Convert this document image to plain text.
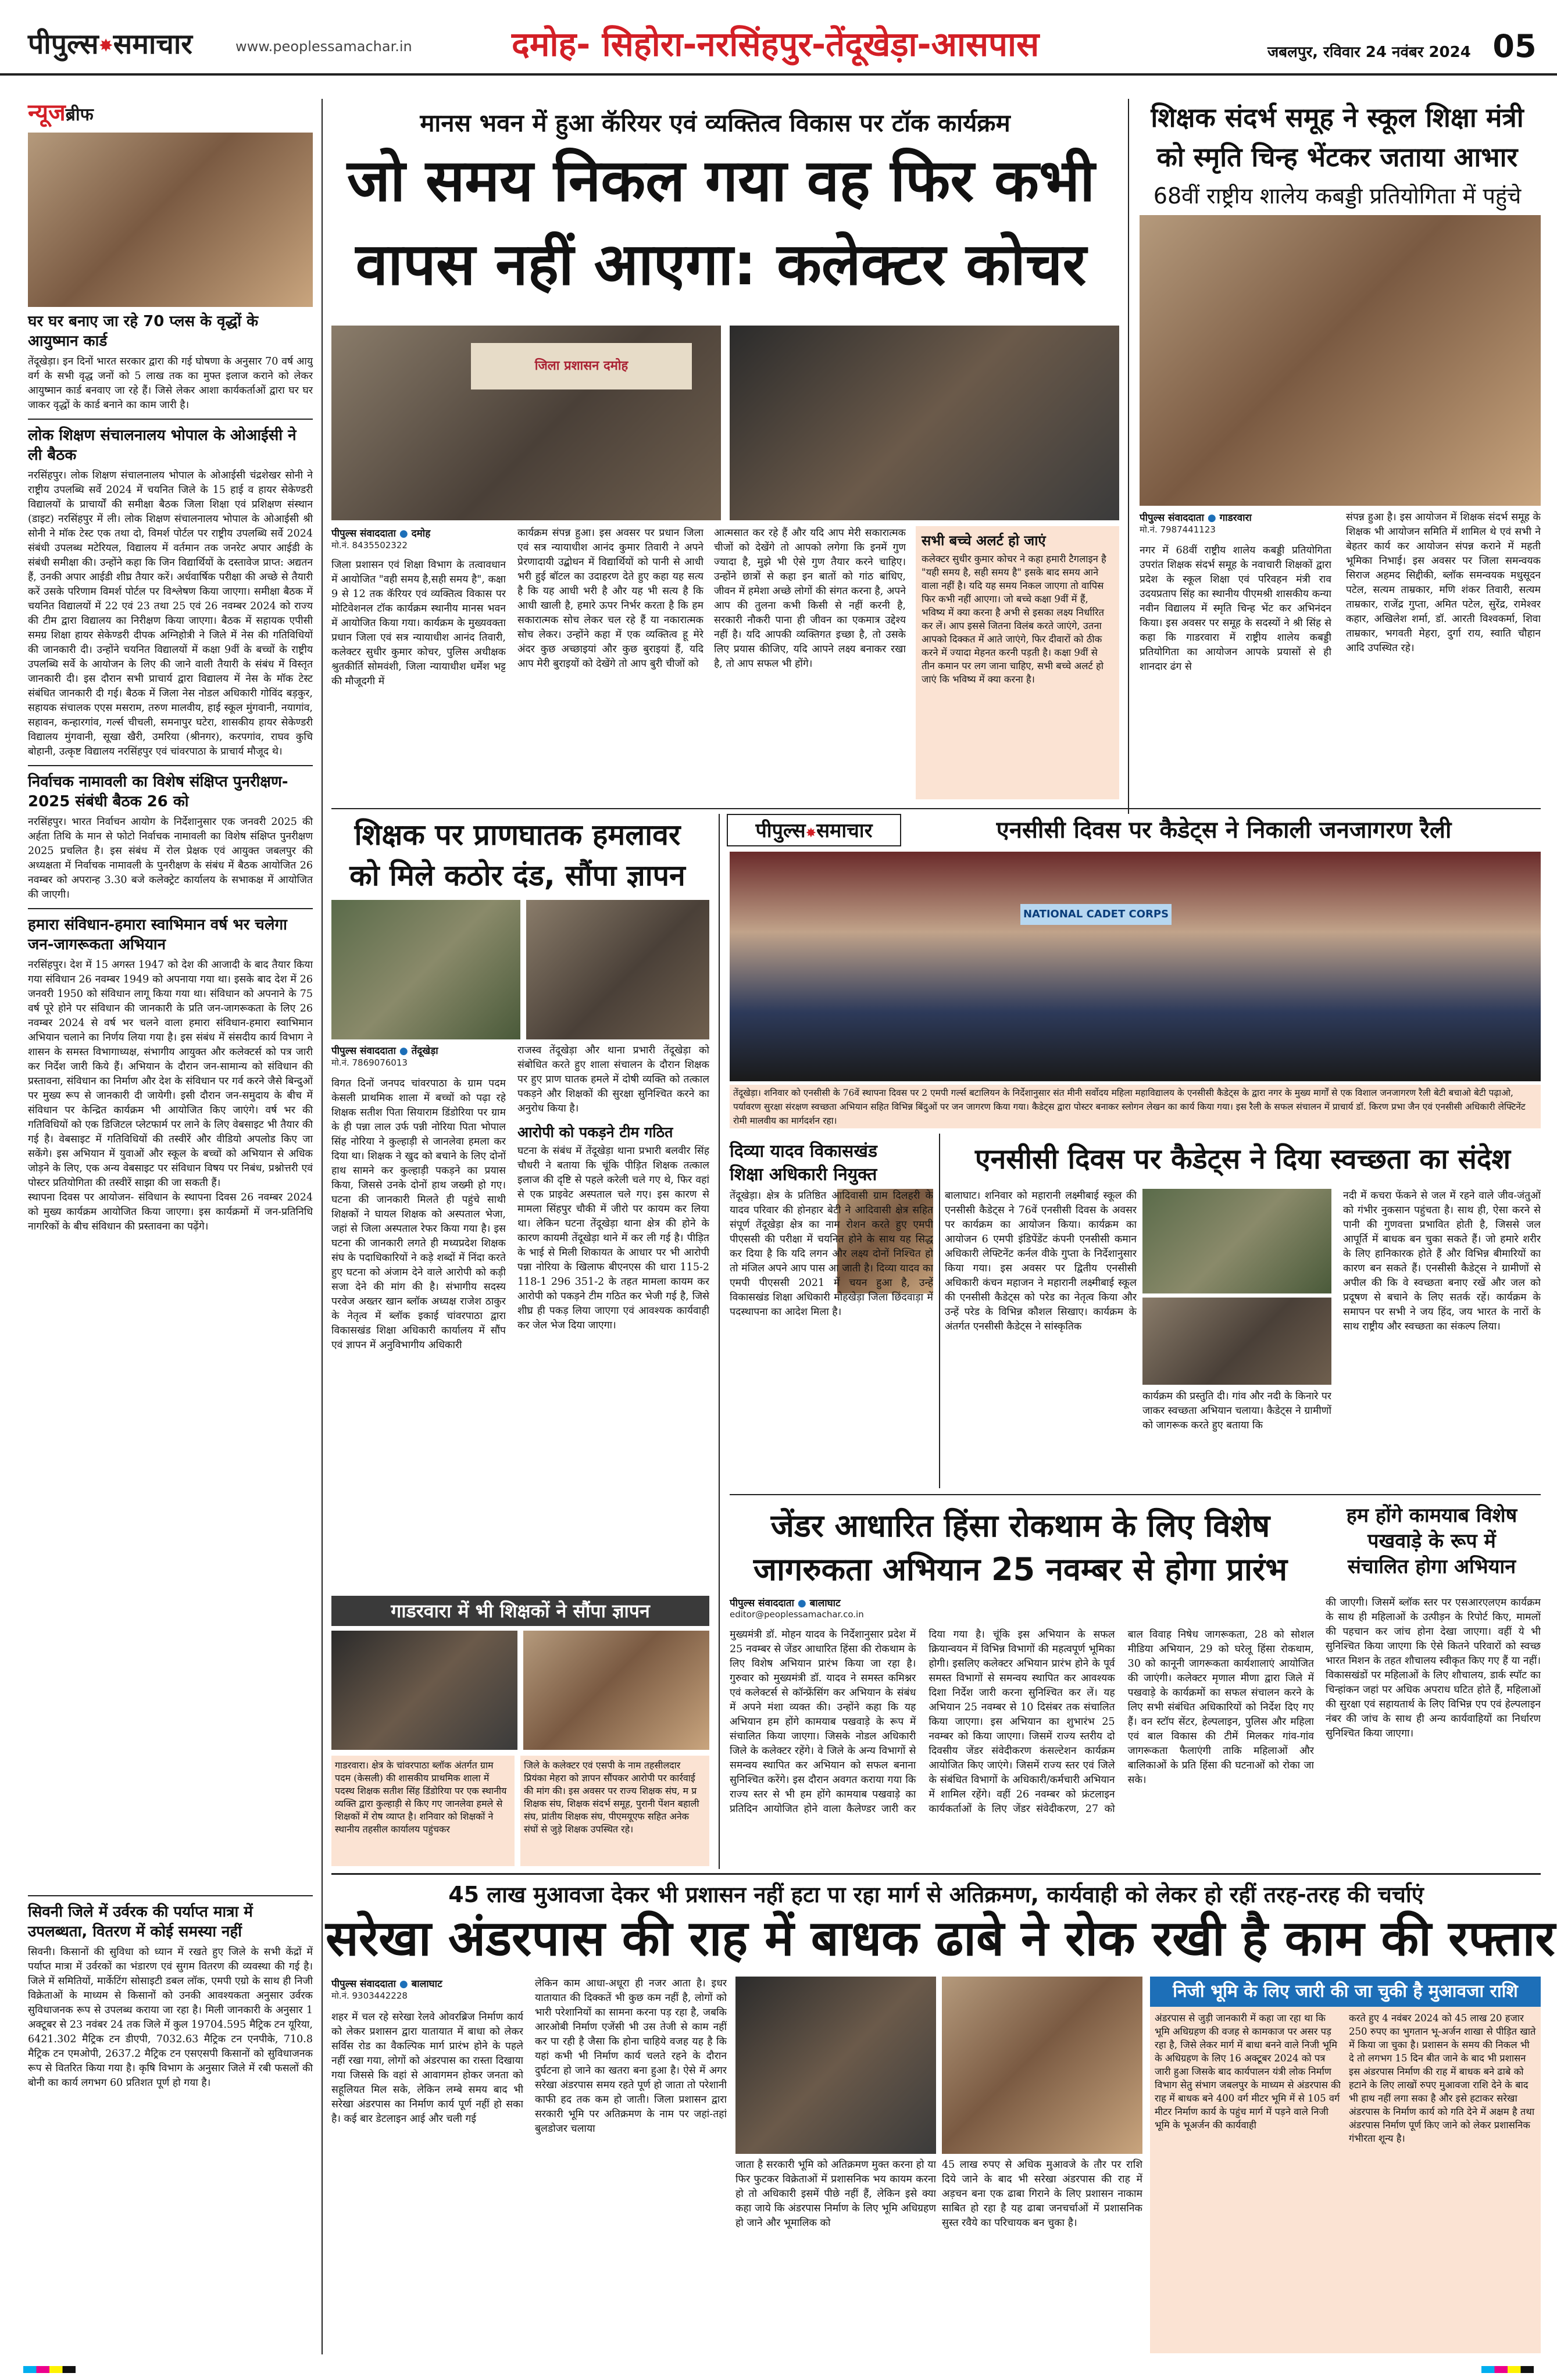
पीपुल्स✸समाचार	www.peoplessamachar.in	दमोह- सिहोरा-नरसिंहपुर-तेंदूखेड़ा-आसपास	जबलपुर, रविवार 24 नवंबर 2024 05
न्यूजब्रीफ
घर घर बनाए जा रहे 70 प्लस के वृद्धों के आयुष्मान कार्ड
तेंदूखेड़ा। इन दिनों भारत सरकार द्वारा की गई घोषणा के अनुसार 70 वर्ष आयु वर्ग के सभी वृद्ध जनों को 5 लाख तक का मुफ्त इलाज कराने को लेकर आयुष्मान कार्ड बनवाए जा रहे हैं। जिसे लेकर आशा कार्यकर्ताओं द्वारा घर घर जाकर वृद्धों के कार्ड बनाने का काम जारी है।
लोक शिक्षण संचालनालय भोपाल के ओआईसी ने ली बैठक
नरसिंहपुर। लोक शिक्षण संचालनालय भोपाल के ओआईसी चंद्रशेखर सोनी ने राष्ट्रीय उपलब्धि सर्वे 2024 में चयनित जिले के 15 हाई व हायर सेकेण्डरी विद्यालयों के प्राचार्यों की समीक्षा बैठक जिला शिक्षा एवं प्रशिक्षण संस्थान (डाइट) नरसिंहपुर में ली। लोक शिक्षण संचालनालय भोपाल के ओआईसी श्री सोनी ने मॉक टेस्ट एक तथा दो, विमर्श पोर्टल पर राष्ट्रीय उपलब्धि सर्वे 2024 संबंधी उपलब्ध मटेरियल, विद्यालय में वर्तमान तक जनरेट अपार आईडी के संबंधी समीक्षा की। उन्होंने कहा कि जिन विद्यार्थियों के दस्तावेज प्राप्त: अद्यतन हैं, उनकी अपार आईडी शीघ्र तैयार करें। अर्धवार्षिक परीक्षा की अच्छे से तैयारी करें उसके परिणाम विमर्श पोर्टल पर विश्लेषण किया जाएगा। समीक्षा बैठक में चयनित विद्यालयों में 22 एवं 23 तथा 25 एवं 26 नवम्बर 2024 को राज्य की टीम द्वारा विद्यालय का निरीक्षण किया जाएगा। बैठक में सहायक एपीसी समग्र शिक्षा हायर सेकेण्डरी दीपक अग्निहोत्री ने जिले में नेस की गतिविधियों की जानकारी दी। उन्होंने चयनित विद्यालयों में कक्षा 9वीं के बच्चों के राष्ट्रीय उपलब्धि सर्वे के आयोजन के लिए की जाने वाली तैयारी के संबंध में विस्तृत जानकारी दी। इस दौरान सभी प्राचार्य द्वारा विद्यालय में नेस के मॉक टेस्ट संबंधित जानकारी दी गई। बैठक में जिला नेस नोडल अधिकारी गोविंद बड़कुर, सहायक संचालक एएस मसराम, तरुण मालवीय, हाई स्कूल मुंगवानी, नयागांव, सहावन, कन्हारगांव, गर्ल्स चीचली, समनापुर घटेरा, शासकीय हायर सेकेण्डरी विद्यालय मुंगवानी, सूखा खैरी, उमरिया (श्रीनगर), करपगांव, राघव कुचि बोहानी, उत्कृष्ट विद्यालय नरसिंहपुर एवं चांवरपाठा के प्राचार्य मौजूद थे।
निर्वाचक नामावली का विशेष संक्षिप्त पुनरीक्षण- 2025 संबंधी बैठक 26 को
नरसिंहपुर। भारत निर्वाचन आयोग के निर्देशानुसार एक जनवरी 2025 की अर्हता तिथि के मान से फोटो निर्वाचक नामावली का विशेष संक्षिप्त पुनरीक्षण 2025 प्रचलित है। इस संबंध में रोल प्रेक्षक एवं आयुक्त जबलपुर की अध्यक्षता में निर्वाचक नामावली के पुनरीक्षण के संबंध में बैठक आयोजित 26 नवम्बर को अपरान्ह 3.30 बजे कलेक्ट्रेट कार्यालय के सभाकक्ष में आयोजित की जाएगी।
हमारा संविधान-हमारा स्वाभिमान वर्ष भर चलेगा जन-जागरूकता अभियान
नरसिंहपुर। देश में 15 अगस्त 1947 को देश की आजादी के बाद तैयार किया गया संविधान 26 नवम्बर 1949 को अपनाया गया था। इसके बाद देश में 26 जनवरी 1950 को संविधान लागू किया गया था। संविधान को अपनाने के 75 वर्ष पूरे होने पर संविधान की जानकारी के प्रति जन-जागरूकता के लिए 26 नवम्बर 2024 से वर्ष भर चलने वाला हमारा संविधान-हमारा स्वाभिमान अभियान चलाने का निर्णय लिया गया है। इस संबंध में संसदीय कार्य विभाग ने शासन के समस्त विभागाध्यक्ष, संभागीय आयुक्त और कलेक्टर्स को पत्र जारी कर निर्देश जारी किये हैं। अभियान के दौरान जन-सामान्य को संविधान की प्रस्तावना, संविधान का निर्माण और देश के संविधान पर गर्व करने जैसे बिन्दुओं पर मुख्य रूप से जानकारी दी जायेगी। इसी दौरान जन-समुदाय के बीच में संविधान पर केन्द्रित कार्यक्रम भी आयोजित किए जाएंगे। वर्ष भर की गतिविधियों को एक डिजिटल प्लेटफार्म पर लाने के लिए वेबसाइट भी तैयार की गई है। वेबसाइट में गतिविधियों की तस्वीरें और वीडियो अपलोड किए जा सकेंगे। इस अभियान में युवाओं और स्कूल के बच्चों को अभियान से अधिक जोड़ने के लिए, एक अन्य वेबसाइट पर संविधान विषय पर निबंध, प्रश्नोत्तरी एवं पोस्टर प्रतियोगिता की तस्वीरें साझा की जा सकती हैं।
स्थापना दिवस पर आयोजन- संविधान के स्थापना दिवस 26 नवम्बर 2024 को मुख्य कार्यक्रम आयोजित किया जाएगा। इस कार्यक्रमों में जन-प्रतिनिधि नागरिकों के बीच संविधान की प्रस्तावना का पढ़ेंगे।
सिवनी जिले में उर्वरक की पर्याप्त मात्रा में उपलब्धता, वितरण में कोई समस्या नहीं
सिवनी। किसानों की सुविधा को ध्यान में रखते हुए जिले के सभी केंद्रों में पर्याप्त मात्रा में उर्वरकों का भंडारण एवं सुगम वितरण की व्यवस्था की गई है। जिले में समितियों, मार्केटिंग सोसाइटी डबल लॉक, एमपी एग्रो के साथ ही निजी विक्रेताओं के माध्यम से किसानों को उनकी आवश्यकता अनुसार उर्वरक सुविधाजनक रूप से उपलब्ध कराया जा रहा है। मिली जानकारी के अनुसार 1 अक्टूबर से 23 नवंबर 24 तक जिले में कुल 19704.595 मैट्रिक टन यूरिया, 6421.302 मैट्रिक टन डीएपी, 7032.63 मैट्रिक टन एनपीके, 710.8 मैट्रिक टन एमओपी, 2637.2 मैट्रिक टन एसएसपी किसानों को सुविधाजनक रूप से वितरित किया गया है। कृषि विभाग के अनुसार जिले में रबी फसलों की बोनी का कार्य लगभग 60 प्रतिशत पूर्ण हो गया है।
मानस भवन में हुआ कॅरियर एवं व्यक्तित्व विकास पर टॉक कार्यक्रम
जो समय निकल गया वह फिर कभी
वापस नहीं आएगा: कलेक्टर कोचर
जिला प्रशासन दमोह
पीपुल्स संवाददाता ● दमोह
मो.नं. 8435502322
जिला प्रशासन एवं शिक्षा विभाग के तत्वावधान में आयोजित "वही समय है,सही समय है", कक्षा 9 से 12 तक कॅरियर एवं व्यक्तित्व विकास पर मोटिवेशनल टॉक कार्यक्रम स्थानीय मानस भवन में आयोजित किया गया। कार्यक्रम के मुख्यवक्ता प्रधान जिला एवं सत्र न्यायाधीश आनंद तिवारी, कलेक्टर सुधीर कुमार कोचर, पुलिस अधीक्षक श्रुतकीर्ति सोमवंशी, जिला न्यायाधीश धर्मेश भट्ट की मौजूदगी में
कार्यक्रम संपन्न हुआ। इस अवसर पर प्रधान जिला एवं सत्र न्यायाधीश आनंद कुमार तिवारी ने अपने प्रेरणादायी उद्बोधन में विद्यार्थियों को पानी से आधी भरी हुई बॉटल का उदाहरण देते हुए कहा यह सत्य है कि यह आधी भरी है और यह भी सत्य है कि आधी खाली है, हमारे ऊपर निर्भर करता है कि हम सकारात्मक सोच लेकर चल रहे हैं या नकारात्मक सोच लेकर। उन्होंने कहा में एक व्यक्तित्व हू मेरे अंदर कुछ अच्छाइयां और कुछ बुराइयां हैं, यदि आप मेरी बुराइयों को देखेंगे तो आप बुरी चीजों को
आत्मसात कर रहे हैं और यदि आप मेरी सकारात्मक चीजों को देखेंगे तो आपको लगेगा कि इनमें गुण ज्यादा है, मुझे भी ऐसे गुण तैयार करने चाहिए। उन्होंने छात्रों से कहा इन बातों को गांठ बांधिए, जीवन में हमेशा अच्छे लोगों की संगत करना है, अपने आप की तुलना कभी किसी से नहीं करनी है, सरकारी नौकरी पाना ही जीवन का एकमात्र उद्देश्य नहीं है। यदि आपकी व्यक्तिगत इच्छा है, तो उसके लिए प्रयास कीजिए, यदि आपने लक्ष्य बनाकर रखा है, तो आप सफल भी होंगे।
सभी बच्चे अलर्ट हो जाएं
कलेक्टर सुधीर कुमार कोचर ने कहा हमारी टैगलाइन है "यही समय है, सही समय है" इसके बाद समय आने वाला नहीं है। यदि यह समय निकल जाएगा तो वापिस फिर कभी नहीं आएगा। जो बच्चे कक्षा 9वीं में हैं, भविष्य में क्या करना है अभी से इसका लक्ष्य निर्धारित कर लें। आप इससे जितना विलंब करते जाएंगे, उतना आपको दिक्कत में आते जाएंगे, फिर दीवारों को ठीक करने में ज्यादा मेहनत करनी पड़ती है। कक्षा 9वीं से तीन कमान पर लग जाना चाहिए, सभी बच्चे अलर्ट हो जाएं कि भविष्य में क्या करना है।
शिक्षक संदर्भ समूह ने स्कूल शिक्षा मंत्री
को स्मृति चिन्ह भेंटकर जताया आभार
68वीं राष्ट्रीय शालेय कबड्डी प्रतियोगिता में पहुंचे
पीपुल्स संवाददाता ● गाडरवारा
मो.नं. 7987441123
नगर में 68वीं राष्ट्रीय शालेय कबड्डी प्रतियोगिता उपरांत शिक्षक संदर्भ समूह के नवाचारी शिक्षकों द्वारा प्रदेश के स्कूल शिक्षा एवं परिवहन मंत्री राव उदयप्रताप सिंह का स्थानीय पीएमश्री शासकीय कन्या नवीन विद्यालय में स्मृति चिन्ह भेंट कर अभिनंदन किया। इस अवसर पर समूह के सदस्यों ने श्री सिंह से कहा कि गाडरवारा में राष्ट्रीय शालेय कबड्डी प्रतियोगिता का आयोजन आपके प्रयासों से ही शानदार ढंग से
संपन्न हुआ है। इस आयोजन में शिक्षक संदर्भ समूह के शिक्षक भी आयोजन समिति में शामिल थे एवं सभी ने बेहतर कार्य कर आयोजन संपन्न कराने में महती भूमिका निभाई। इस अवसर पर जिला समन्वयक सिराज अहमद सिद्दीकी, ब्लॉक समन्वयक मधुसूदन पटेल, सत्यम ताम्रकार, मणि शंकर तिवारी, सत्यम ताम्रकार, राजेंद्र गुप्ता, अमित पटेल, सुरेंद्र, रामेश्वर कहार, अखिलेश शर्मा, डॉ. आरती विश्वकर्मा, शिवा ताम्रकार, भगवती मेहरा, दुर्गा राय, स्वाति चौहान आदि उपस्थित रहे।
शिक्षक पर प्राणघातक हमलावर
को मिले कठोर दंड, सौंपा ज्ञापन
पीपुल्स संवाददाता ● तेंदूखेड़ा
मो.नं. 7869076013
विगत दिनों जनपद चांवरपाठा के ग्राम पदम केसली प्राथमिक शाला में बच्चों को पढ़ा रहे शिक्षक सतीश पिता सियाराम डिंडोरिया पर ग्राम के ही पन्ना लाल उर्फ पन्नी नोरिया पिता भोपाल सिंह नोरिया ने कुल्हाड़ी से जानलेवा हमला कर दिया था। शिक्षक ने खुद को बचाने के लिए दोनों हाथ सामने कर कुल्हाड़ी पकड़ने का प्रयास किया, जिससे उनके दोनों हाथ जख्मी हो गए। घटना की जानकारी मिलते ही पहुंचे साथी शिक्षकों ने घायल शिक्षक को अस्पताल भेजा, जहां से जिला अस्पताल रेफर किया गया है। इस घटना की जानकारी लगते ही मध्यप्रदेश शिक्षक संघ के पदाधिकारियों ने कड़े शब्दों में निंदा करते हुए घटना को अंजाम देने वाले आरोपी को कड़ी सजा देने की मांग की है। संभागीय सदस्य परवेज अख्तर खान ब्लॉक अध्यक्ष राजेश ठाकुर के नेतृत्व में ब्लॉक इकाई चांवरपाठा द्वारा विकासखंड शिक्षा अधिकारी कार्यालय में सौंप एवं ज्ञापन में अनुविभागीय अधिकारी
राजस्व तेंदूखेड़ा और थाना प्रभारी तेंदूखेड़ा को संबोधित करते हुए शाला संचालन के दौरान शिक्षक पर हुए प्राण घातक हमले में दोषी व्यक्ति को तत्काल पकड़ने और शिक्षकों की सुरक्षा सुनिश्चित करने का अनुरोध किया है।
आरोपी को पकड़ने टीम गठित
घटना के संबंध में तेंदूखेड़ा थाना प्रभारी बलवीर सिंह चौधरी ने बताया कि चूंकि पीड़ित शिक्षक तत्काल इलाज की दृष्टि से पहले करेली चले गए थे, फिर वहां से एक प्राइवेट अस्पताल चले गए। इस कारण से मामला सिंहपुर चौकी में जीरो पर कायम कर लिया था। लेकिन घटना तेंदूखेड़ा थाना क्षेत्र की होने के कारण कायमी तेंदूखेड़ा थाने में कर ली गई है। पीड़ित के भाई से मिली शिकायत के आधार पर भी आरोपी पन्ना नोरिया के खिलाफ बीएनएस की धारा 115-2 118-1 296 351-2 के तहत मामला कायम कर आरोपी को पकड़ने टीम गठित कर भेजी गई है, जिसे शीघ्र ही पकड़ लिया जाएगा एवं आवश्यक कार्यवाही कर जेल भेज दिया जाएगा।
गाडरवारा में भी शिक्षकों ने सौंपा ज्ञापन
गाडरवारा। क्षेत्र के चांवरपाठा ब्लॉक अंतर्गत ग्राम पदम (केसली) की शासकीय प्राथमिक शाला में पदस्थ शिक्षक सतीश सिंह डिंडोरिया पर एक स्थानीय व्यक्ति द्वारा कुल्हाड़ी से किए गए जानलेवा हमले से शिक्षकों में रोष व्याप्त है। शनिवार को शिक्षकों ने स्थानीय तहसील कार्यालय पहुंचकर
जिले के कलेक्टर एवं एसपी के नाम तहसीलदार प्रियंका मेहरा को ज्ञापन सौंपकर आरोपी पर कार्रवाई की मांग की। इस अवसर पर राज्य शिक्षक संघ, म प्र शिक्षक संघ, शिक्षक संदर्भ समूह, पुरानी पेंशन बहाली संघ, प्रांतीय शिक्षक संघ, पीएमयूएफ सहित अनेक संघों से जुड़े शिक्षक उपस्थित रहे।
पीपुल्स✸समाचार	एनसीसी दिवस पर कैडेट्स ने निकाली जनजागरण रैली
NATIONAL CADET CORPS
तेंदूखेड़ा। शनिवार को एनसीसी के 76वें स्थापना दिवस पर 2 एमपी गर्ल्स बटालियन के निर्देशानुसार संत मीनी सर्वोदय महिला महाविद्यालय के एनसीसी कैडेट्स के द्वारा नगर के मुख्य मार्गों से एक विशाल जनजागरण रैली बेटी बचाओ बेटी पढ़ाओ, पर्यावरण सुरक्षा संरक्षण स्वच्छता अभियान सहित विभिन्न बिंदुओं पर जन जागरण किया गया। कैडेट्स द्वारा पोस्टर बनाकर स्लोगन लेखन का कार्य किया गया। इस रैली के सफल संचालन में प्राचार्य डॉ. किरण प्रभा जैन एवं एनसीसी अधिकारी लेफ्टिनेंट रोमी मालवीय का मार्गदर्शन रहा।
दिव्या यादव विकासखंड
शिक्षा अधिकारी नियुक्त
तेंदूखेड़ा। क्षेत्र के प्रतिष्ठित आदिवासी ग्राम दिलहरी के यादव परिवार की होनहार बेटी ने आदिवासी क्षेत्र सहित संपूर्ण तेंदूखेड़ा क्षेत्र का नाम रोशन करते हुए एमपी पीएससी की परीक्षा में चयनित होने के साथ यह सिद्ध कर दिया है कि यदि लगन और लक्ष्य दोनों निश्चित हो तो मंजिल अपने आप पास आ जाती है। दिव्या यादव का एमपी पीएससी 2021 में चयन हुआ है, उन्हें विकासखंड शिक्षा अधिकारी मोहखेड़ा जिला छिंदवाड़ा में पदस्थापना का आदेश मिला है।
एनसीसी दिवस पर कैडेट्स ने दिया स्वच्छता का संदेश
बालाघाट। शनिवार को महारानी लक्ष्मीबाई स्कूल की एनसीसी कैडेट्स ने 76वें एनसीसी दिवस के अवसर पर कार्यक्रम का आयोजन किया। कार्यक्रम का आयोजन 6 एमपी इंडिपेंडेंट कंपनी एनसीसी कमान अधिकारी लेफ्टिनेंट कर्नल वीके गुप्ता के निर्देशानुसार किया गया। इस अवसर पर द्वितीय एनसीसी अधिकारी कंचन महाजन ने महारानी लक्ष्मीबाई स्कूल की एनसीसी कैडेट्स को परेड का नेतृत्व किया और उन्हें परेड के विभिन्न कौशल सिखाए। कार्यक्रम के अंतर्गत एनसीसी कैडेट्स ने सांस्कृतिक
कार्यक्रम की प्रस्तुति दी। गांव और नदी के किनारे पर जाकर स्वच्छता अभियान चलाया। कैडेट्स ने ग्रामीणों को जागरूक करते हुए बताया कि
नदी में कचरा फेंकने से जल में रहने वाले जीव-जंतुओं को गंभीर नुकसान पहुंचता है। साथ ही, ऐसा करने से पानी की गुणवत्ता प्रभावित होती है, जिससे जल आपूर्ति में बाधक बन चुका सकते हैं। जो हमारे शरीर के लिए हानिकारक होते हैं और विभिन्न बीमारियों का कारण बन सकते हैं। एनसीसी कैडेट्स ने ग्रामीणों से अपील की कि वे स्वच्छता बनाए रखें और जल को प्रदूषण से बचाने के लिए सतर्क रहें। कार्यक्रम के समापन पर सभी ने जय हिंद, जय भारत के नारों के साथ राष्ट्रीय और स्वच्छता का संकल्प लिया।
जेंडर आधारित हिंसा रोकथाम के लिए विशेष
जागरुकता अभियान 25 नवम्बर से होगा प्रारंभ
हम होंगे कामयाब विशेष
पखवाड़े के रूप में
संचालित होगा अभियान
पीपुल्स संवाददाता ● बालाघाट
editor@peoplessamachar.co.in
मुख्यमंत्री डॉ. मोहन यादव के निर्देशानुसार प्रदेश में 25 नवम्बर से जेंडर आधारित हिंसा की रोकथाम के लिए विशेष अभियान प्रारंभ किया जा रहा है। गुरुवार को मुख्यमंत्री डॉ. यादव ने समस्त कमिश्नर एवं कलेक्टर्स से कॉन्फ्रेंसिंग कर अभियान के संबंध में अपने मंशा व्यक्त की। उन्होंने कहा कि यह अभियान हम होंगे कामयाब पखवाड़े के रूप में संचालित किया जाएगा। जिसके नोडल अधिकारी जिले के कलेक्टर रहेंगे। वे जिले के अन्य विभागों से समन्वय स्थापित कर अभियान को सफल बनाना सुनिश्चित करेंगे। इस दौरान अवगत कराया गया कि राज्य स्तर से भी हम होंगे कामयाब पखवाड़े का प्रतिदिन आयोजित होने वाला कैलेण्डर जारी कर दिया गया है। चूंकि इस अभियान के सफल क्रियान्वयन में विभिन्न विभागों की महत्वपूर्ण भूमिका होगी। इसलिए कलेक्टर अभियान प्रारंभ होने के पूर्व समस्त विभागों से समन्वय स्थापित कर आवश्यक दिशा निर्देश जारी करना सुनिश्चित कर लें। यह अभियान 25 नवम्बर से 10 दिसंबर तक संचालित किया जाएगा। इस अभियान का शुभारंभ 25 नवम्बर को किया जाएगा। जिसमें राज्य स्तरीय दो दिवसीय जेंडर संवेदीकरण कंसल्टेशन कार्यक्रम आयोजित किए जाएंगे। जिसमें राज्य स्तर एवं जिले के संबंधित विभागों के अधिकारी/कर्मचारी अभियान में शामिल रहेंगे। वहीं 26 नवम्बर को फ्रंटलाइन कार्यकर्ताओं के लिए जेंडर संवेदीकरण, 27 को बाल विवाह निषेध जागरूकता, 28 को सोशल मीडिया अभियान, 29 को घरेलू हिंसा रोकथाम, 30 को कानूनी जागरूकता कार्यशालाएं आयोजित की जाएंगी। कलेक्टर मृणाल मीणा द्वारा जिले में पखवाड़े के कार्यक्रमों का सफल संचालन करने के लिए सभी संबंधित अधिकारियों को निर्देश दिए गए हैं। वन स्टॉप सेंटर, हेल्पलाइन, पुलिस और महिला एवं बाल विकास की टीमें मिलकर गांव-गांव जागरूकता फैलाएंगी ताकि महिलाओं और बालिकाओं के प्रति हिंसा की घटनाओं को रोका जा सके।
की जाएगी। जिसमें ब्लॉक स्तर पर एसआरएलएम कार्यक्रम के साथ ही महिलाओं के उत्पीड़न के रिपोर्ट किए, मामलों की पहचान कर जांच होना देखा जाएगा। वहीं ये भी सुनिश्चित किया जाएगा कि ऐसे कितने परिवारों को स्वच्छ भारत मिशन के तहत शौचालय स्वीकृत किए गए हैं या नहीं। विकासखंडों पर महिलाओं के लिए शौचालय, डार्क स्पॉट का चिन्हांकन जहां पर अधिक अपराध घटित होते हैं, महिलाओं की सुरक्षा एवं सहायतार्थ के लिए विभिन्न एप एवं हेल्पलाइन नंबर की जांच के साथ ही अन्य कार्यवाहियों का निर्धारण सुनिश्चित किया जाएगा।
45 लाख मुआवजा देकर भी प्रशासन नहीं हटा पा रहा मार्ग से अतिक्रमण, कार्यवाही को लेकर हो रहीं तरह-तरह की चर्चाएं
सरेखा अंडरपास की राह में बाधक ढाबे ने रोक रखी है काम की रफ्तार
पीपुल्स संवाददाता ● बालाघाट
मो.नं. 9303442228
शहर में चल रहे सरेखा रेलवे ओवरब्रिज निर्माण कार्य को लेकर प्रशासन द्वारा यातायात में बाधा को लेकर सर्विस रोड का वैकल्पिक मार्ग प्रारंभ होने के पहले नहीं रखा गया, लोगों को अंडरपास का रास्ता दिखाया गया जिससे कि वहां से आवागमन होकर जनता को सहूलियत मिल सके, लेकिन लम्बे समय बाद भी सरेखा अंडरपास का निर्माण कार्य पूर्ण नहीं हो सका है। कई बार डेटलाइन आई और चली गई
लेकिन काम आधा-अधूरा ही नजर आता है। इधर यातायात की दिक्कतें भी कुछ कम नहीं है, लोगों को भारी परेशानियों का सामना करना पड़ रहा है, जबकि आरओबी निर्माण एजेंसी भी उस तेजी से काम नहीं कर पा रही है जैसा कि होना चाहिये वजह यह है कि यहां कभी भी निर्माण कार्य चलते रहने के दौरान दुर्घटना हो जाने का खतरा बना हुआ है। ऐसे में अगर सरेखा अंडरपास समय रहते पूर्ण हो जाता तो परेशानी काफी हद तक कम हो जाती। जिला प्रशासन द्वारा सरकारी भूमि पर अतिक्रमण के नाम पर जहां-तहां बुलडोजर चलाया
जाता है सरकारी भूमि को अतिक्रमण मुक्त करना हो या फिर फुटकर विक्रेताओं में प्रशासनिक भय कायम करना हो तो अधिकारी इसमें पीछे नहीं हैं, लेकिन इसे क्या कहा जाये कि अंडरपास निर्माण के लिए भूमि अधिग्रहण हो जाने और भूमालिक को
45 लाख रुपए से अधिक मुआवजे के तौर पर राशि दिये जाने के बाद भी सरेखा अंडरपास की राह में अड़चन बना एक ढाबा गिराने के लिए प्रशासन नाकाम साबित हो रहा है यह ढाबा जनचर्चाओं में प्रशासनिक सुस्त रवैये का परिचायक बन चुका है।
निजी भूमि के लिए जारी की जा चुकी है मुआवजा राशि
अंडरपास से जुड़ी जानकारी में कहा जा रहा था कि भूमि अधिग्रहण की वजह से कामकाज पर असर पड़ रहा है, जिसे लेकर मार्ग में बाधा बनने वाले निजी भूमि के अधिग्रहण के लिए 16 अक्टूबर 2024 को पत्र जारी हुआ जिसके बाद कार्यपालन यंत्री लोक निर्माण विभाग सेतु संभाग जबलपुर के माध्यम से अंडरपास की राह में बाधक बने 400 वर्ग मीटर भूमि में से 105 वर्ग मीटर निर्माण कार्य के पहुंच मार्ग में पड़ने वाले निजी भूमि के भूअर्जन की कार्यवाही
करते हुए 4 नवंबर 2024 को 45 लाख 20 हजार 250 रुपए का भुगतान भू-अर्जन शाखा से पीड़ित खाते में किया जा चुका है। प्रशासन के समय की निकल भी दे तो लगभग 15 दिन बीत जाने के बाद भी प्रशासन इस अंडरपास निर्माण की राह में बाधक बने ढाबे को हटाने के लिए लाखों रुपए मुआवजा राशि देने के बाद भी हाथ नहीं लगा सका है और इसे हटाकर सरेखा अंडरपास के निर्माण कार्य को गति देने में अक्षम है तथा अंडरपास निर्माण पूर्ण किए जाने को लेकर प्रशासनिक गंभीरता शून्य है।
